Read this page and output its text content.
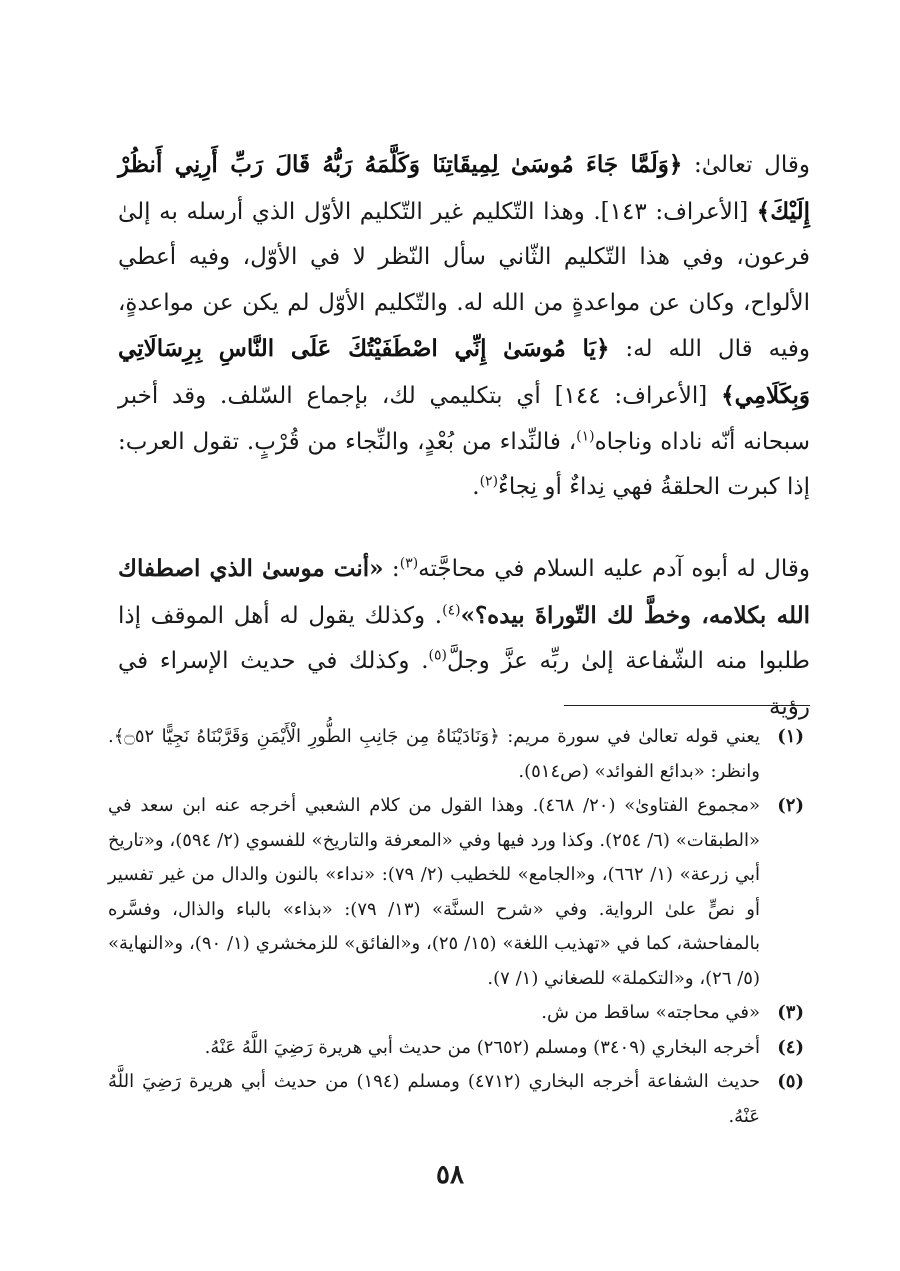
وقال تعالىٰ: ﴿وَلَمَّا جَاءَ مُوسَىٰ لِمِيقَاتِنَا وَكَلَّمَهُ رَبُّهُ قَالَ رَبِّ أَرِنِي أَنظُرْ إِلَيْكَ﴾ [الأعراف: ١٤٣]. وهذا التّكليم غير التّكليم الأوّل الذي أرسله به إلىٰ فرعون، وفي هذا التّكليم الثّاني سأل النّظر لا في الأوّل، وفيه أعطي الألواح، وكان عن مواعدةٍ من الله له. والتّكليم الأوّل لم يكن عن مواعدةٍ، وفيه قال الله له: ﴿يَا مُوسَىٰ إِنِّي اصْطَفَيْتُكَ عَلَى النَّاسِ بِرِسَالَاتِي وَبِكَلَامِي﴾ [الأعراف: ١٤٤] أي بتكليمي لك، بإجماع السّلف. وقد أخبر سبحانه أنّه ناداه وناجاه$^{(١)}$، فالنِّداء من بُعْدٍ، والنِّجاء من قُرْبٍ. تقول العرب: إذا كبرت الحلقةُ فهي نِداءٌ أو نِجاءٌ$^{(٢)}$.

وقال له أبوه آدم عليه السلام في محاجَّته$^{(٣)}$: «أنت موسىٰ الذي اصطفاك الله بكلامه، وخطَّ لك التّوراةَ بيده؟»$^{(٤)}$. وكذلك يقول له أهل الموقف إذا طلبوا منه الشّفاعة إلىٰ ربِّه عزَّ وجلَّ$^{(٥)}$. وكذلك في حديث الإسراء في رؤية

(١)
يعني قوله تعالىٰ في سورة مريم: ﴿وَنَادَيْنَاهُ مِن جَانِبِ الطُّورِ الْأَيْمَنِ وَقَرَّبْنَاهُ نَجِيًّا ۝٥٢﴾. وانظر: «بدائع الفوائد» (ص٥١٤).
(٢)
«مجموع الفتاوىٰ» (٢٠/ ٤٦٨). وهذا القول من كلام الشعبي أخرجه عنه ابن سعد في «الطبقات» (٦/ ٢٥٤). وكذا ورد فيها وفي «المعرفة والتاريخ» للفسوي (٢/ ٥٩٤)، و«تاريخ أبي زرعة» (١/ ٦٦٢)، و«الجامع» للخطيب (٢/ ٧٩): «نداء» بالنون والدال من غير تفسير أو نصٍّ علىٰ الرواية. وفي «شرح السنَّة» (١٣/ ٧٩): «بذاء» بالباء والذال، وفسَّره بالمفاحشة، كما في «تهذيب اللغة» (١٥/ ٢٥)، و«الفائق» للزمخشري (١/ ٩٠)، و«النهاية» (٥/ ٢٦)، و«التكملة» للصغاني (١/ ٧).
(٣)
«في محاجته» ساقط من ش.
(٤)
أخرجه البخاري (٣٤٠٩) ومسلم (٢٦٥٢) من حديث أبي هريرة رَضِيَ اللَّهُ عَنْهُ.
(٥)
حديث الشفاعة أخرجه البخاري (٤٧١٢) ومسلم (١٩٤) من حديث أبي هريرة رَضِيَ اللَّهُ عَنْهُ.
٥٨
